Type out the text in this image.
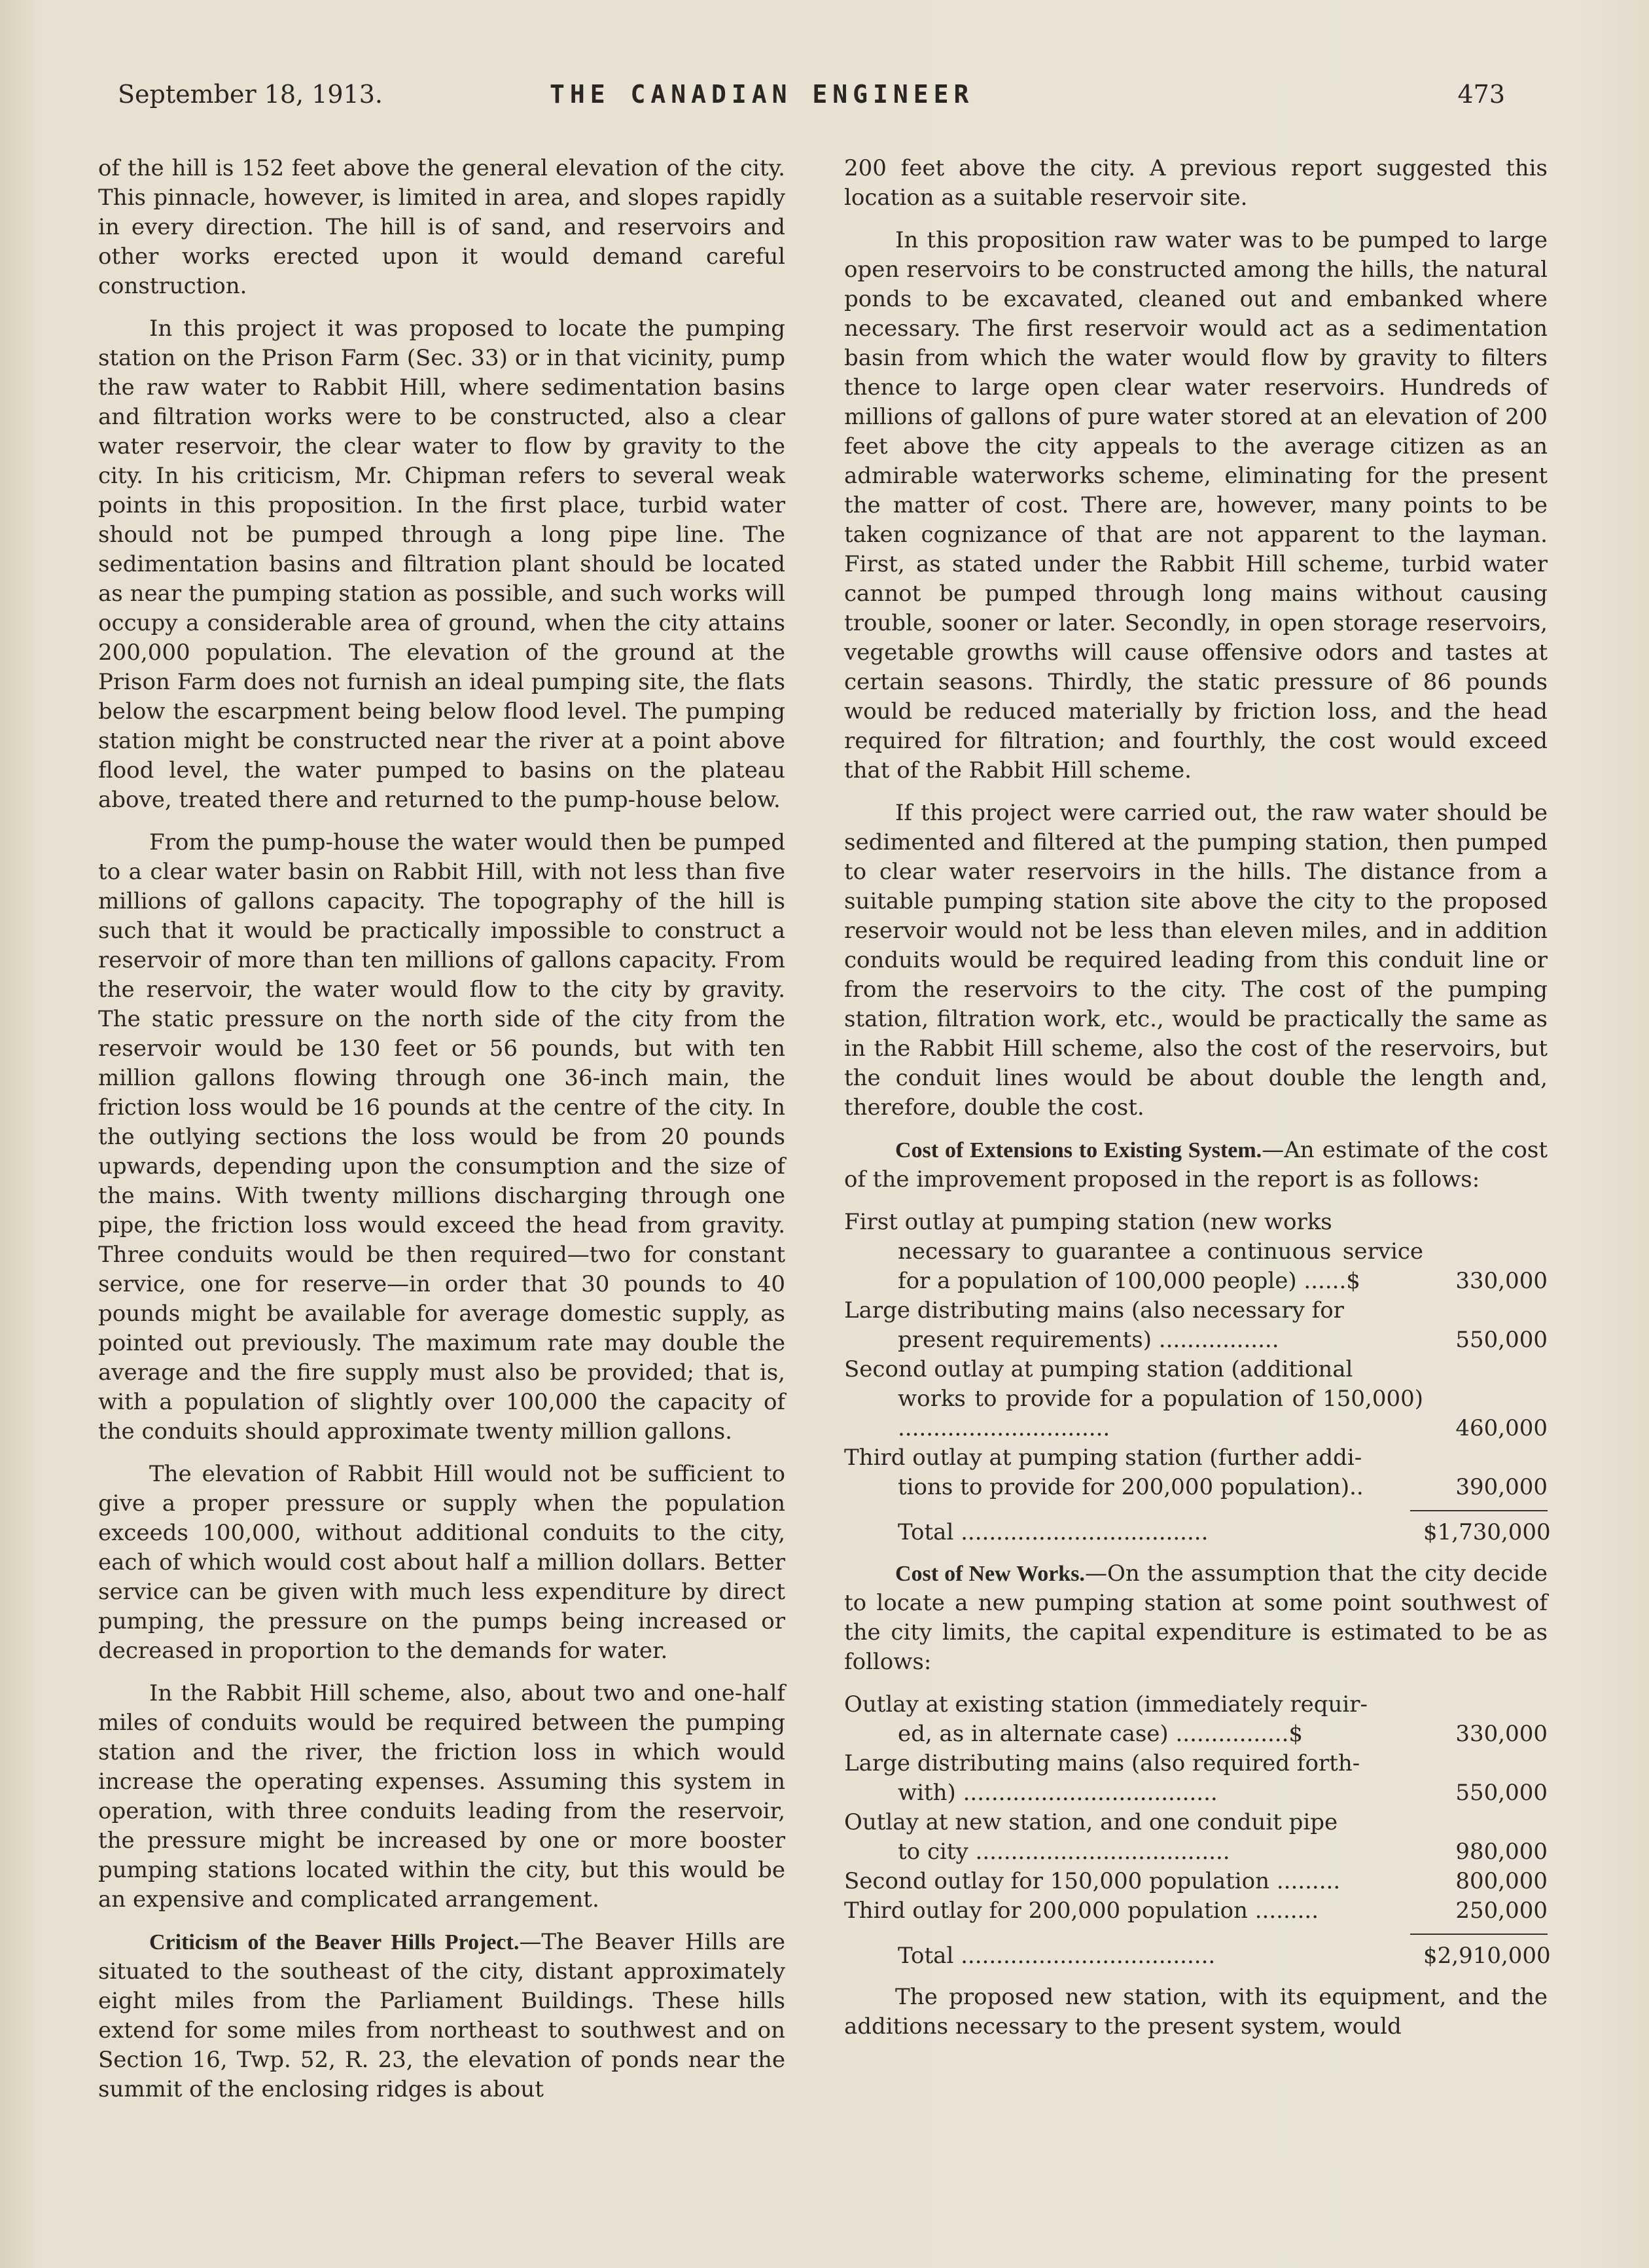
September 18, 1913.	THE CANADIAN ENGINEER	473

of the hill is 152 feet above the general elevation of the city. This pinnacle, however, is limited in area, and slopes rapidly in every direction. The hill is of sand, and reservoirs and other works erected upon it would demand careful construction.

In this project it was proposed to locate the pumping station on the Prison Farm (Sec. 33) or in that vicinity, pump the raw water to Rabbit Hill, where sedimentation basins and filtration works were to be constructed, also a clear water reservoir, the clear water to flow by gravity to the city. In his criticism, Mr. Chipman refers to several weak points in this proposition. In the first place, turbid water should not be pumped through a long pipe line. The sedimentation basins and filtration plant should be located as near the pumping station as possible, and such works will occupy a considerable area of ground, when the city attains 200,000 population. The elevation of the ground at the Prison Farm does not furnish an ideal pumping site, the flats below the escarpment being below flood level. The pumping station might be constructed near the river at a point above flood level, the water pumped to basins on the plateau above, treated there and returned to the pump-house below.

From the pump-house the water would then be pumped to a clear water basin on Rabbit Hill, with not less than five millions of gallons capacity. The topography of the hill is such that it would be practically impossible to construct a reservoir of more than ten millions of gallons capacity. From the reservoir, the water would flow to the city by gravity. The static pressure on the north side of the city from the reservoir would be 130 feet or 56 pounds, but with ten million gallons flowing through one 36-inch main, the friction loss would be 16 pounds at the centre of the city. In the outlying sections the loss would be from 20 pounds upwards, depending upon the consumption and the size of the mains. With twenty millions discharging through one pipe, the friction loss would exceed the head from gravity. Three conduits would be then required—two for constant service, one for reserve—in order that 30 pounds to 40 pounds might be available for average domestic supply, as pointed out previously. The maximum rate may double the average and the fire supply must also be provided; that is, with a population of slightly over 100,000 the capacity of the conduits should approximate twenty million gallons.

The elevation of Rabbit Hill would not be sufficient to give a proper pressure or supply when the population exceeds 100,000, without additional conduits to the city, each of which would cost about half a million dollars. Better service can be given with much less expenditure by direct pumping, the pressure on the pumps being increased or decreased in proportion to the demands for water.

In the Rabbit Hill scheme, also, about two and one-half miles of conduits would be required between the pumping station and the river, the friction loss in which would increase the operating expenses. Assuming this system in operation, with three conduits leading from the reservoir, the pressure might be increased by one or more booster pumping stations located within the city, but this would be an expensive and complicated arrangement.

Criticism of the Beaver Hills Project.—The Beaver Hills are situated to the southeast of the city, distant approximately eight miles from the Parliament Buildings. These hills extend for some miles from northeast to southwest and on Section 16, Twp. 52, R. 23, the elevation of ponds near the summit of the enclosing ridges is about

200 feet above the city. A previous report suggested this location as a suitable reservoir site.

In this proposition raw water was to be pumped to large open reservoirs to be constructed among the hills, the natural ponds to be excavated, cleaned out and embanked where necessary. The first reservoir would act as a sedimentation basin from which the water would flow by gravity to filters thence to large open clear water reservoirs. Hundreds of millions of gallons of pure water stored at an elevation of 200 feet above the city appeals to the average citizen as an admirable waterworks scheme, eliminating for the present the matter of cost. There are, however, many points to be taken cognizance of that are not apparent to the layman. First, as stated under the Rabbit Hill scheme, turbid water cannot be pumped through long mains without causing trouble, sooner or later. Secondly, in open storage reservoirs, vegetable growths will cause offensive odors and tastes at certain seasons. Thirdly, the static pressure of 86 pounds would be reduced materially by friction loss, and the head required for filtration; and fourthly, the cost would exceed that of the Rabbit Hill scheme.

If this project were carried out, the raw water should be sedimented and filtered at the pumping station, then pumped to clear water reservoirs in the hills. The distance from a suitable pumping station site above the city to the proposed reservoir would not be less than eleven miles, and in addition conduits would be required leading from this conduit line or from the reservoirs to the city. The cost of the pumping station, filtration work, etc., would be practically the same as in the Rabbit Hill scheme, also the cost of the reservoirs, but the conduit lines would be about double the length and, therefore, double the cost.

Cost of Extensions to Existing System.—An estimate of the cost of the improvement proposed in the report is as follows:

First outlay at pumping station (new works
necessary to guarantee a continuous service for a population of 100,000 people) ......$	330,000
Large distributing mains (also necessary for
present requirements) .................	550,000
Second outlay at pumping station (additional
works to provide for a population of 150,000) ..............................	460,000
Third outlay at pumping station (further addi-
tions to provide for 200,000 population)..	390,000
Total ...................................	$1,730,000

Cost of New Works.—On the assumption that the city decide to locate a new pumping station at some point southwest of the city limits, the capital expenditure is estimated to be as follows:

Outlay at existing station (immediately requir-
ed, as in alternate case) ................$	330,000
Large distributing mains (also required forth-
with) ....................................	550,000
Outlay at new station, and one conduit pipe
to city ....................................	980,000
Second outlay for 150,000 population .........	800,000
Third outlay for 200,000 population .........	250,000
Total ....................................	$2,910,000

The proposed new station, with its equipment, and the additions necessary to the present system, would
